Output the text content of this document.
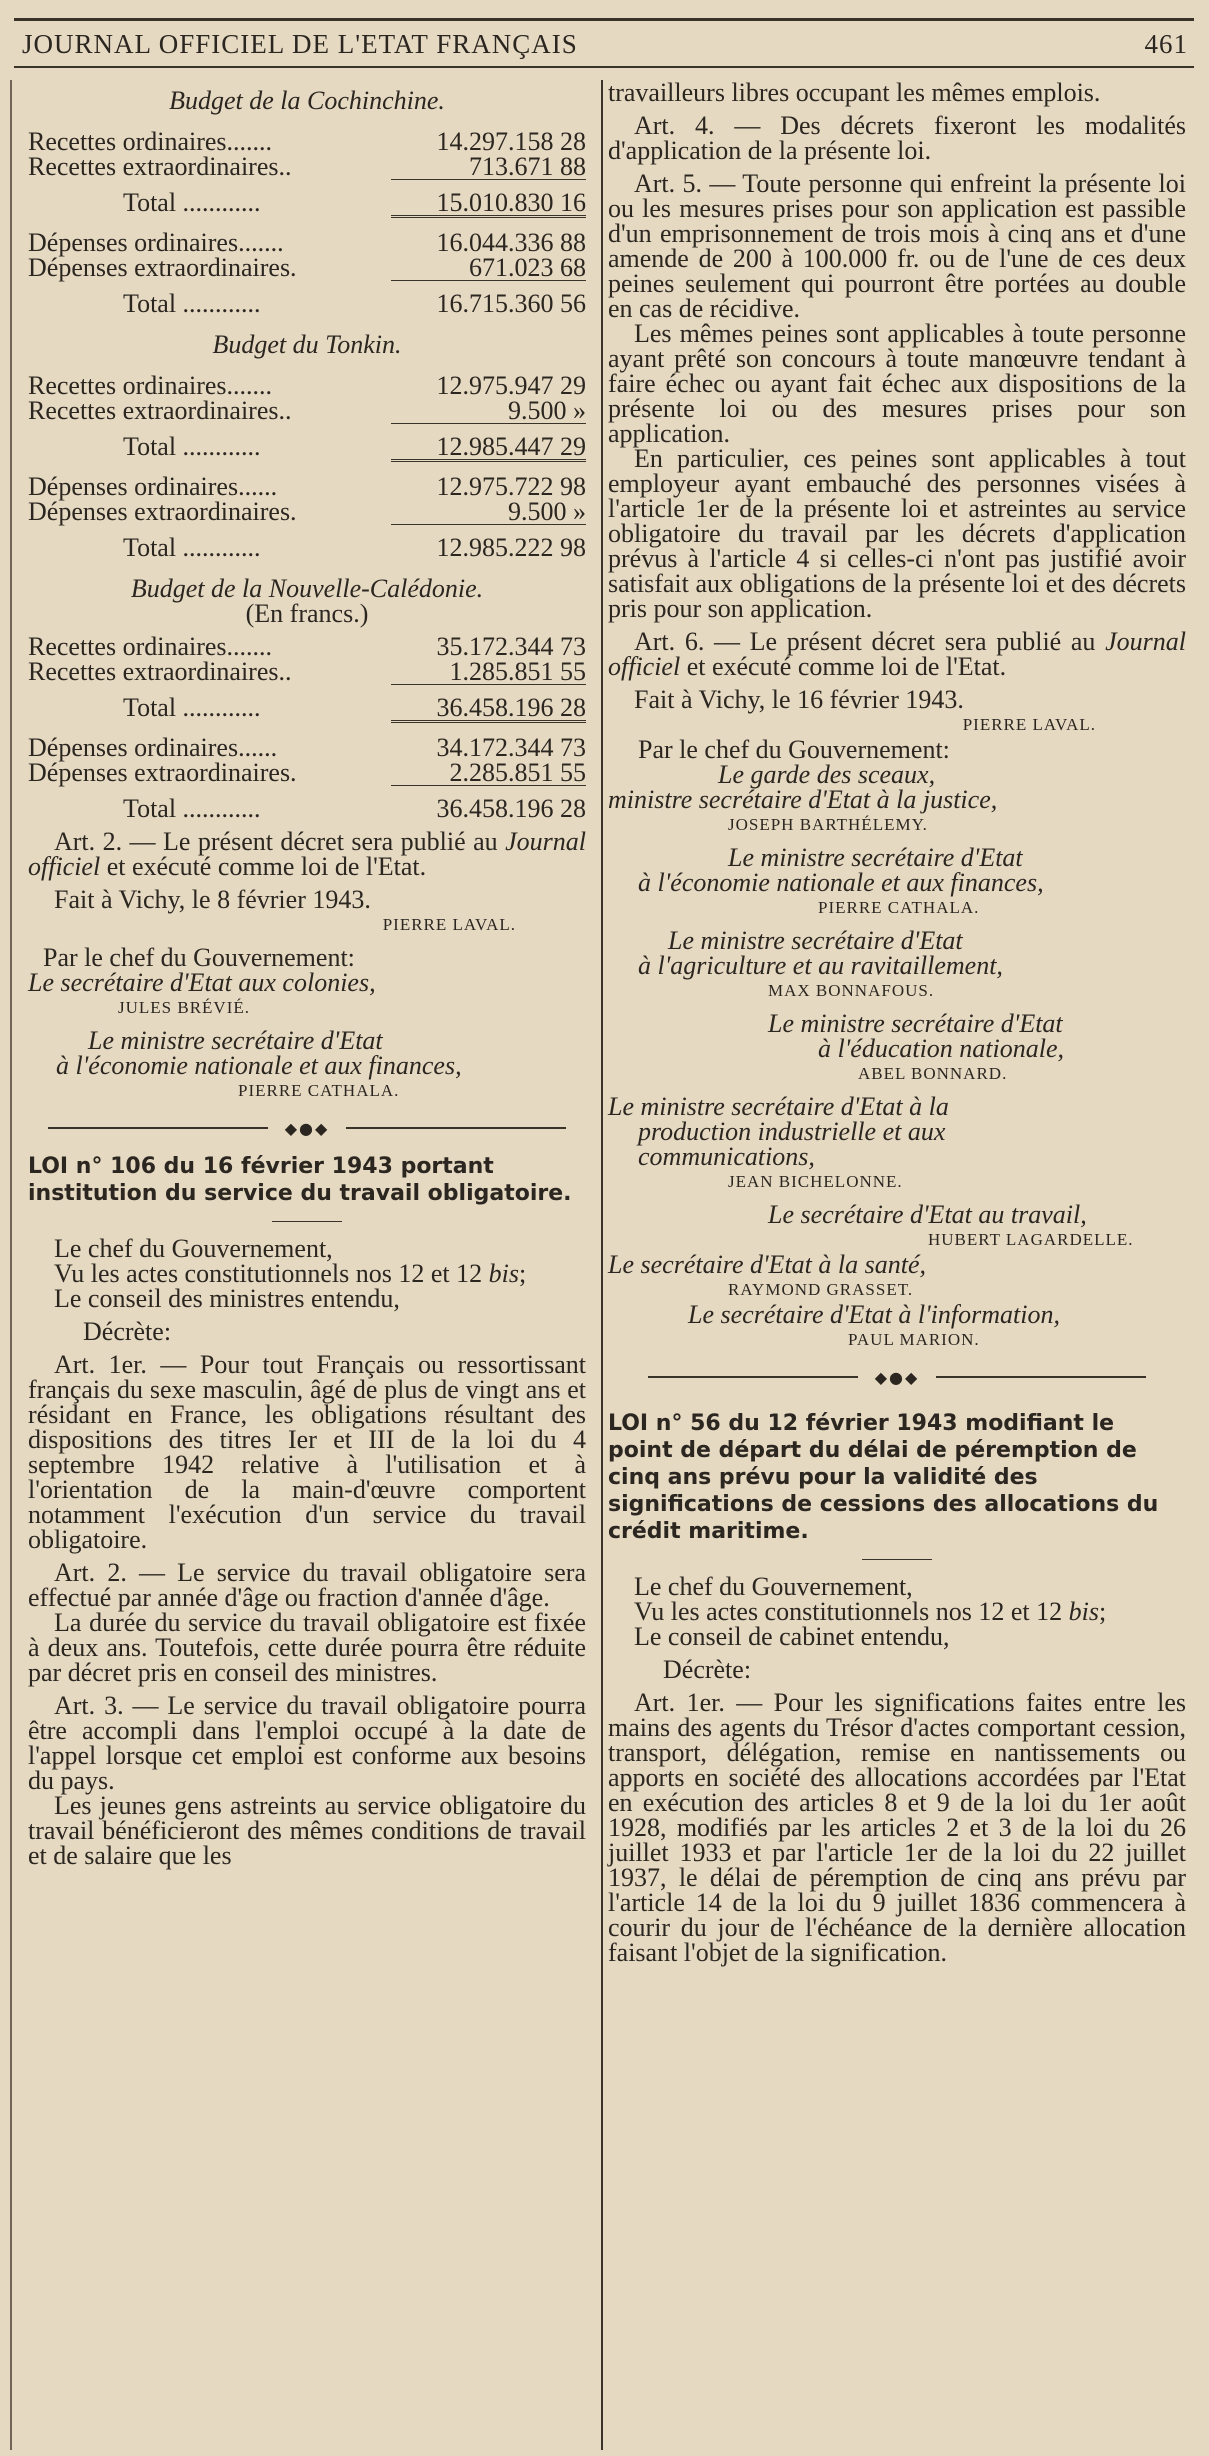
JOURNAL OFFICIEL DE L'ETAT FRANÇAIS	461
Budget de la Cochinchine.
Recettes ordinaires.......	14.297.158 28
Recettes extraordinaires..	713.671 88
Total ............	15.010.830 16
Dépenses ordinaires.......	16.044.336 88
Dépenses extraordinaires.	671.023 68
Total ............	16.715.360 56
Budget du Tonkin.
Recettes ordinaires.......	12.975.947 29
Recettes extraordinaires..	9.500 »
Total ............	12.985.447 29
Dépenses ordinaires......	12.975.722 98
Dépenses extraordinaires.	9.500 »
Total ............	12.985.222 98
Budget de la Nouvelle-Calédonie.
(En francs.)
Recettes ordinaires.......	35.172.344 73
Recettes extraordinaires..	1.285.851 55
Total ............	36.458.196 28
Dépenses ordinaires......	34.172.344 73
Dépenses extraordinaires.	2.285.851 55
Total ............	36.458.196 28
Art. 2. — Le présent décret sera publié au Journal officiel et exécuté comme loi de l'Etat.
Fait à Vichy, le 8 février 1943.
PIERRE LAVAL.
Par le chef du Gouvernement:
Le secrétaire d'Etat aux colonies,
JULES BRÉVIÉ.
Le ministre secrétaire d'Etat
à l'économie nationale et aux finances,
PIERRE CATHALA.
◆●◆
LOI n° 106 du 16 février 1943 portant institution du service du travail obligatoire.
Le chef du Gouvernement,
Vu les actes constitutionnels nos 12 et 12 bis;
Le conseil des ministres entendu,
Décrète:
Art. 1er. — Pour tout Français ou ressortissant français du sexe masculin, âgé de plus de vingt ans et résidant en France, les obligations résultant des dispositions des titres Ier et III de la loi du 4 septembre 1942 relative à l'utilisation et à l'orientation de la main-d'œuvre comportent notamment l'exécution d'un service du travail obligatoire.
Art. 2. — Le service du travail obligatoire sera effectué par année d'âge ou fraction d'année d'âge.
La durée du service du travail obligatoire est fixée à deux ans. Toutefois, cette durée pourra être réduite par décret pris en conseil des ministres.
Art. 3. — Le service du travail obligatoire pourra être accompli dans l'emploi occupé à la date de l'appel lorsque cet emploi est conforme aux besoins du pays.
Les jeunes gens astreints au service obligatoire du travail bénéficieront des mêmes conditions de travail et de salaire que les
travailleurs libres occupant les mêmes emplois.
Art. 4. — Des décrets fixeront les modalités d'application de la présente loi.
Art. 5. — Toute personne qui enfreint la présente loi ou les mesures prises pour son application est passible d'un emprisonnement de trois mois à cinq ans et d'une amende de 200 à 100.000 fr. ou de l'une de ces deux peines seulement qui pourront être portées au double en cas de récidive.
Les mêmes peines sont applicables à toute personne ayant prêté son concours à toute manœuvre tendant à faire échec ou ayant fait échec aux dispositions de la présente loi ou des mesures prises pour son application.
En particulier, ces peines sont applicables à tout employeur ayant embauché des personnes visées à l'article 1er de la présente loi et astreintes au service obligatoire du travail par les décrets d'application prévus à l'article 4 si celles-ci n'ont pas justifié avoir satisfait aux obligations de la présente loi et des décrets pris pour son application.
Art. 6. — Le présent décret sera publié au Journal officiel et exécuté comme loi de l'Etat.
Fait à Vichy, le 16 février 1943.
PIERRE LAVAL.
Par le chef du Gouvernement:
Le garde des sceaux,
ministre secrétaire d'Etat à la justice,
JOSEPH BARTHÉLEMY.
Le ministre secrétaire d'Etat
à l'économie nationale et aux finances,
PIERRE CATHALA.
Le ministre secrétaire d'Etat
à l'agriculture et au ravitaillement,
MAX BONNAFOUS.
Le ministre secrétaire d'Etat
à l'éducation nationale,
ABEL BONNARD.
Le ministre secrétaire d'Etat à la
production industrielle et aux
communications,
JEAN BICHELONNE.
Le secrétaire d'Etat au travail,
HUBERT LAGARDELLE.
Le secrétaire d'Etat à la santé,
RAYMOND GRASSET.
Le secrétaire d'Etat à l'information,
PAUL MARION.
◆●◆
LOI n° 56 du 12 février 1943 modifiant le point de départ du délai de péremption de cinq ans prévu pour la validité des significations de cessions des allocations du crédit maritime.
Le chef du Gouvernement,
Vu les actes constitutionnels nos 12 et 12 bis;
Le conseil de cabinet entendu,
Décrète:
Art. 1er. — Pour les significations faites entre les mains des agents du Trésor d'actes comportant cession, transport, délégation, remise en nantissements ou apports en société des allocations accordées par l'Etat en exécution des articles 8 et 9 de la loi du 1er août 1928, modifiés par les articles 2 et 3 de la loi du 26 juillet 1933 et par l'article 1er de la loi du 22 juillet 1937, le délai de péremption de cinq ans prévu par l'article 14 de la loi du 9 juillet 1836 commencera à courir du jour de l'échéance de la dernière allocation faisant l'objet de la signification.
